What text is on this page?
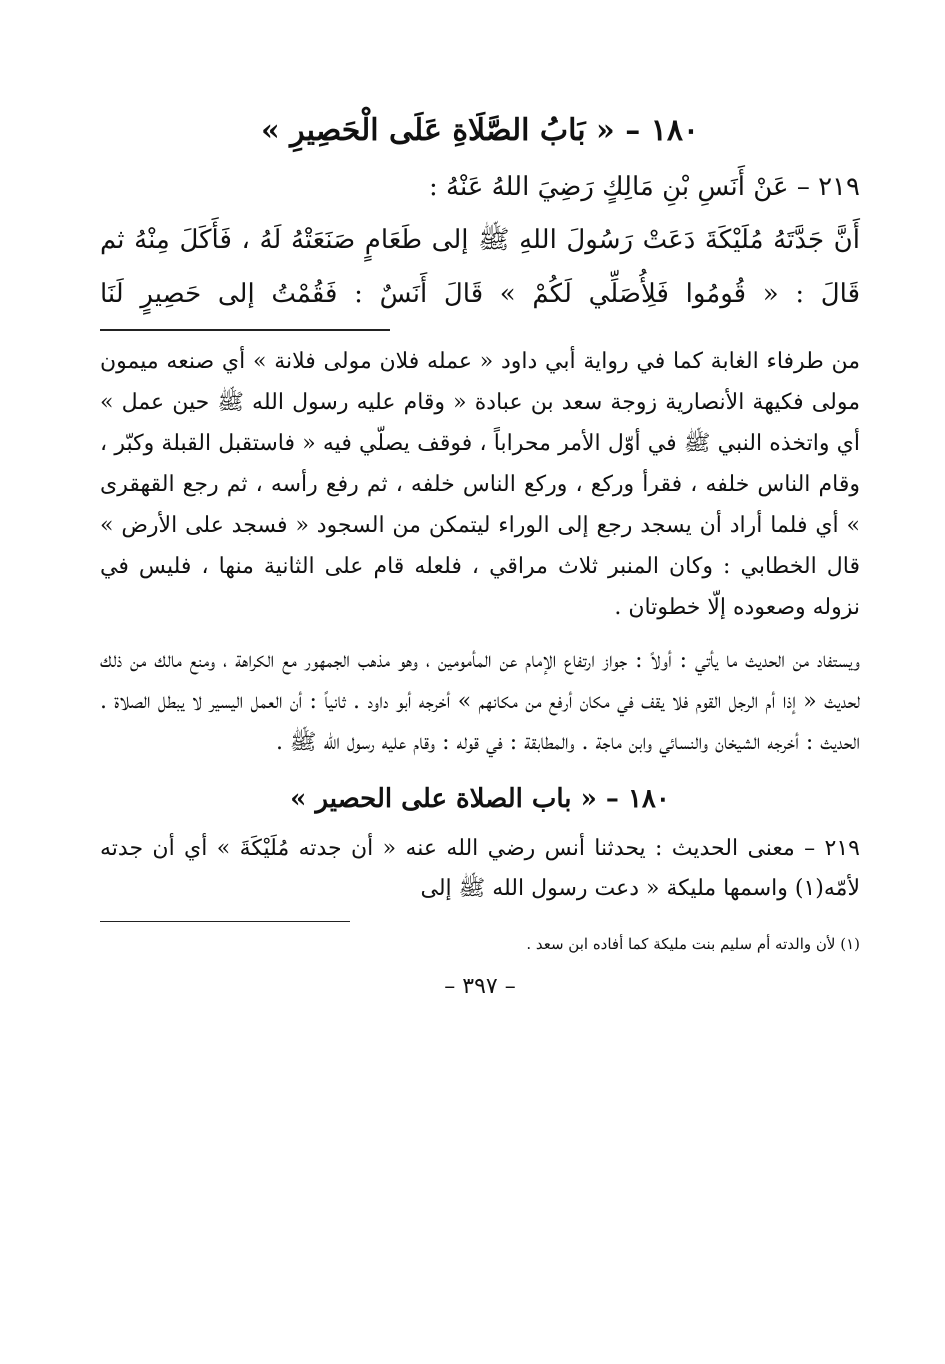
١٨٠ – « بَابُ الصَّلَاةِ عَلَى الْحَصِيرِ »

٢١٩ – عَنْ أَنَسِ بْنِ مَالِكٍ رَضِيَ اللهُ عَنْهُ :

أَنَّ جَدَّتَهُ مُلَيْكَةَ دَعَتْ رَسُولَ اللهِ ﷺ إلى طَعَامٍ صَنَعَتْهُ لَهُ ، فَأَكَلَ مِنْهُ ثم قَالَ : « قُومُوا فَلِأُصَلِّي لَكُمْ » قَالَ أَنَسٌ : فَقُمْتُ إلى حَصِيرٍ لَنَا

من طرفاء الغابة كما في رواية أبي داود « عمله فلان مولى فلانة » أي صنعه ميمون مولى فكيهة الأنصارية زوجة سعد بن عبادة « وقام عليه رسول الله ﷺ حين عمل » أي واتخذه النبي ﷺ في أوّل الأمر محراباً ، فوقف يصلّي فيه « فاستقبل القبلة وكبّر ، وقام الناس خلفه ، فقرأ وركع ، وركع الناس خلفه ، ثم رفع رأسه ، ثم رجع القهقرى » أي فلما أراد أن يسجد رجع إلى الوراء ليتمكن من السجود « فسجد على الأرض » قال الخطابي : وكان المنبر ثلاث مراقي ، فلعله قام على الثانية منها ، فليس في نزوله وصعوده إلّا خطوتان .

ويستفاد من الحديث ما يأتي : أولاً : جواز ارتفاع الإمام عن المأمومين ، وهو مذهب الجمهور مع الكراهة ، ومنع مالك من ذلك لحديث « إذا أم الرجل القوم فلا يقف في مكان أرفع من مكانهم » أخرجه أبو داود . ثانياً : أن العمل اليسير لا يبطل الصلاة . الحديث : أخرجه الشيخان والنسائي وابن ماجة . والمطابقة : في قوله : وقام عليه رسول الله ﷺ .

١٨٠ – « باب الصلاة على الحصير »

٢١٩ – معنى الحديث : يحدثنا أنس رضي الله عنه « أن جدته مُلَيْكَةَ » أي أن جدته لأمّه(١) واسمها مليكة « دعت رسول الله ﷺ إلى

(١) لأن والدته أم سليم بنت مليكة كما أفاده ابن سعد .

– ٣٩٧ –
